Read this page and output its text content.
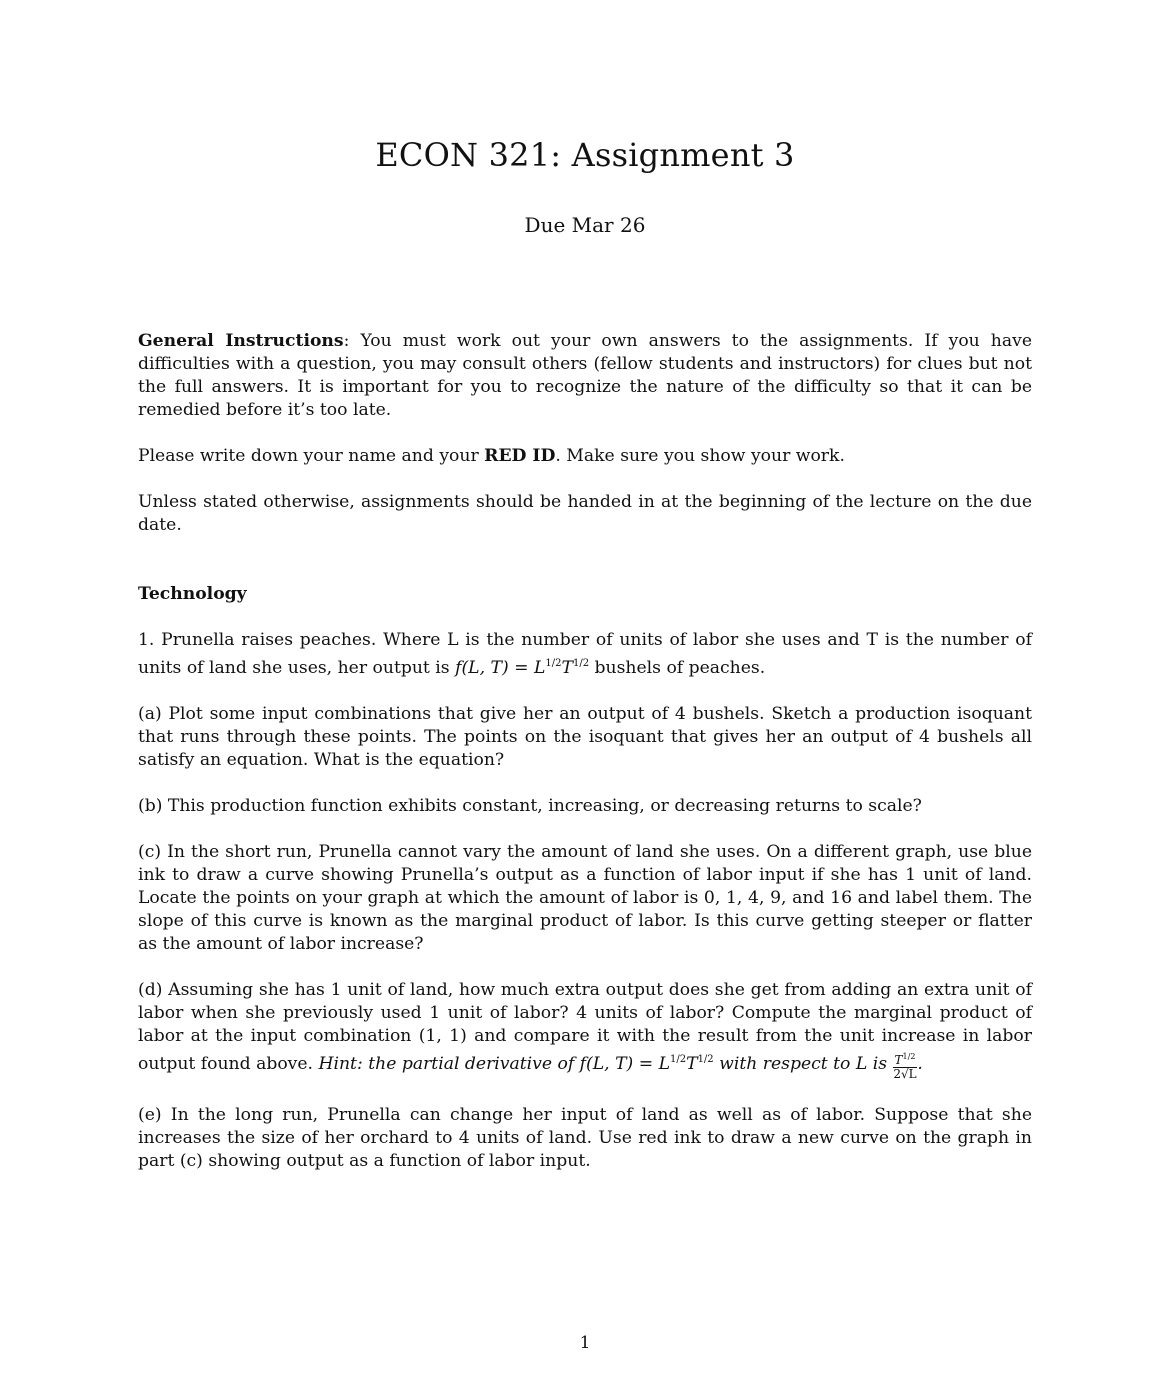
ECON 321: Assignment 3
Due Mar 26

General Instructions: You must work out your own answers to the assignments. If you have difficulties with a question, you may consult others (fellow students and instructors) for clues but not the full answers. It is important for you to recognize the nature of the difficulty so that it can be remedied before it’s too late.

Please write down your name and your RED ID. Make sure you show your work.

Unless stated otherwise, assignments should be handed in at the beginning of the lecture on the due date.

Technology

1. Prunella raises peaches. Where L is the number of units of labor she uses and T is the number of units of land she uses, her output is f(L, $T) = L^{1/2}T^{1/2}$ bushels of peaches.

(a) Plot some input combinations that give her an output of 4 bushels. Sketch a production isoquant that runs through these points. The points on the isoquant that gives her an output of 4 bushels all satisfy an equation. What is the equation?

(b) This production function exhibits constant, increasing, or decreasing returns to scale?

(c) In the short run, Prunella cannot vary the amount of land she uses. On a different graph, use blue ink to draw a curve showing Prunella’s output as a function of labor input if she has 1 unit of land. Locate the points on your graph at which the amount of labor is 0, 1, 4, 9, and 16 and label them. The slope of this curve is known as the marginal product of labor. Is this curve getting steeper or flatter as the amount of labor increase?

(d) Assuming she has 1 unit of land, how much extra output does she get from adding an extra unit of labor when she previously used 1 unit of labor? 4 units of labor? Compute the marginal product of labor at the input combination (1, 1) and compare it with the result from the unit increase in labor output found above. Hint: the partial derivative of f(L, $T) = L^{1/2}T^{1/2}$ with respect to L is $\frac{T^{1/2}}{2√L}$ .

(e) In the long run, Prunella can change her input of land as well as of labor. Suppose that she increases the size of her orchard to 4 units of land. Use red ink to draw a new curve on the graph in part (c) showing output as a function of labor input.

1
